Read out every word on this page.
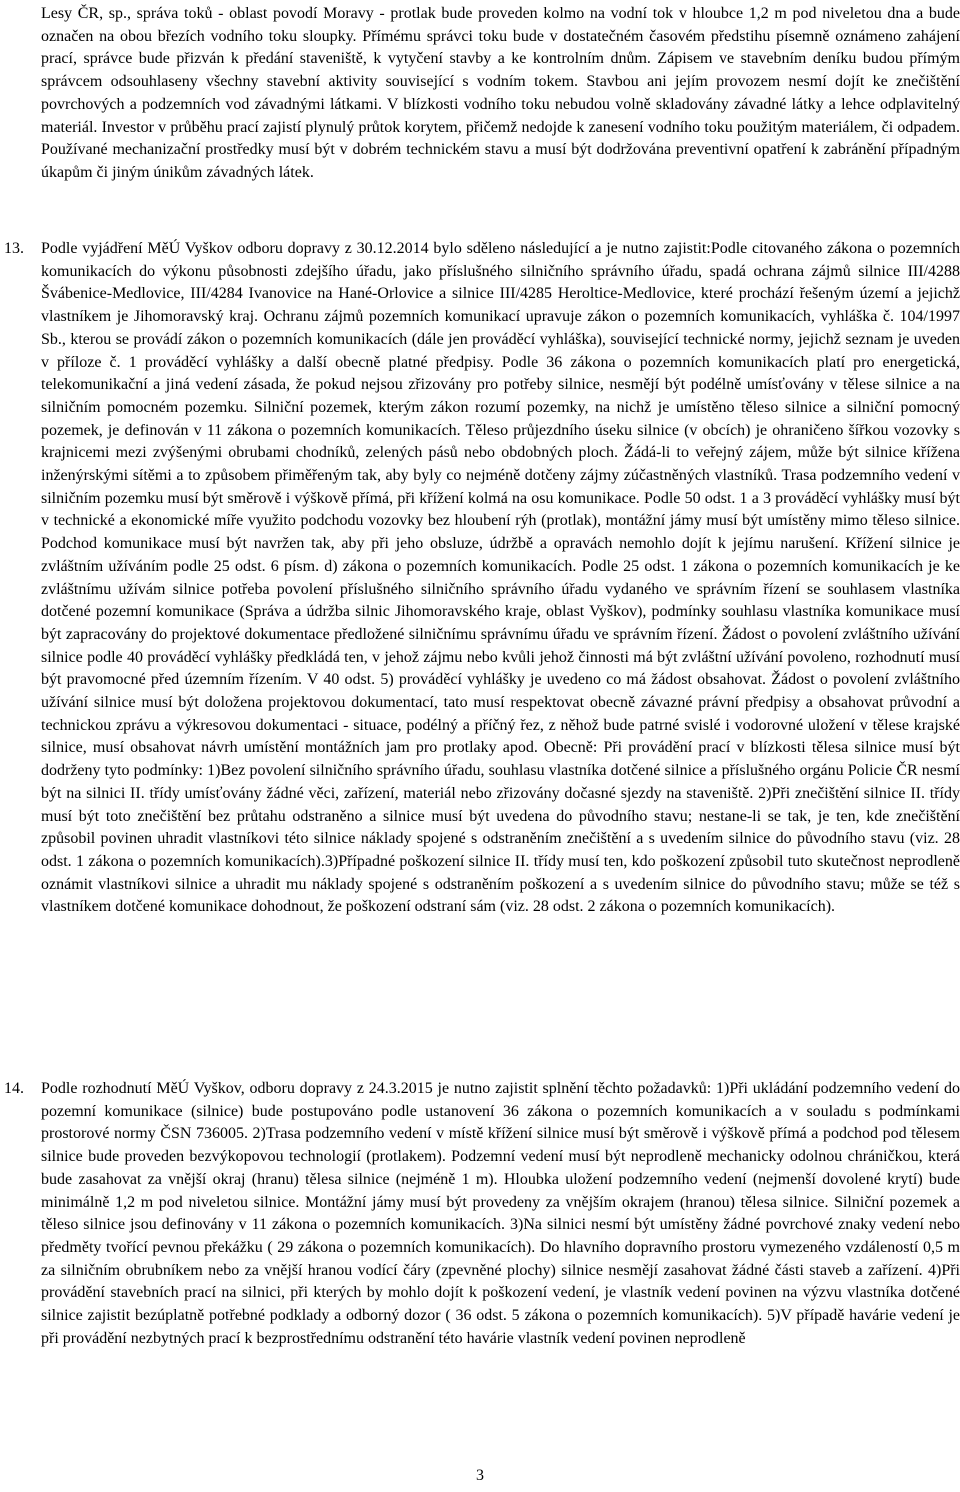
Lesy ČR, sp., správa toků - oblast povodí Moravy - protlak bude proveden kolmo na vodní tok v hloubce 1,2 m pod niveletou dna a bude označen na obou březích vodního toku sloupky. Přímému správci toku bude v dostatečném časovém předstihu písemně oznámeno zahájení prací, správce bude přizván k předání staveniště, k vytyčení stavby a ke kontrolním dnům. Zápisem ve stavebním deníku budou přímým správcem odsouhlaseny všechny stavební aktivity související s vodním tokem. Stavbou ani jejím provozem nesmí dojít ke znečištění povrchových a podzemních vod závadnými látkami. V blízkosti vodního toku nebudou volně skladovány závadné látky a lehce odplavitelný materiál. Investor v průběhu prací zajistí plynulý průtok korytem, přičemž nedojde k zanesení vodního toku použitým materiálem, či odpadem. Používané mechanizační prostředky musí být v dobrém technickém stavu a musí být dodržována preventivní opatření k zabránění případným úkapům či jiným únikům závadných látek.

13.	Podle vyjádření MěÚ Vyškov odboru dopravy z 30.12.2014 bylo sděleno následující a je nutno zajistit:Podle citovaného zákona o pozemních komunikacích do výkonu působnosti zdejšího úřadu, jako příslušného silničního správního úřadu, spadá ochrana zájmů silnice III/4288 Švábenice-Medlovice, III/4284 Ivanovice na Hané-Orlovice a silnice III/4285 Heroltice-Medlovice, které prochází řešeným území a jejichž vlastníkem je Jihomoravský kraj. Ochranu zájmů pozemních komunikací upravuje zákon o pozemních komunikacích, vyhláška č. 104/1997 Sb., kterou se provádí zákon o pozemních komunikacích (dále jen prováděcí vyhláška), související technické normy, jejichž seznam je uveden v příloze č. 1 prováděcí vyhlášky a další obecně platné předpisy. Podle 36 zákona o pozemních komunikacích platí pro energetická, telekomunikační a jiná vedení zásada, že pokud nejsou zřizovány pro potřeby silnice, nesmějí být podélně umísťovány v tělese silnice a na silničním pomocném pozemku. Silniční pozemek, kterým zákon rozumí pozemky, na nichž je umístěno těleso silnice a silniční pomocný pozemek, je definován v 11 zákona o pozemních komunikacích. Těleso průjezdního úseku silnice (v obcích) je ohraničeno šířkou vozovky s krajnicemi mezi zvýšenými obrubami chodníků, zelených pásů nebo obdobných ploch. Žádá-li to veřejný zájem, může být silnice křížena inženýrskými sítěmi a to způsobem přiměřeným tak, aby byly co nejméně dotčeny zájmy zúčastněných vlastníků. Trasa podzemního vedení v silničním pozemku musí být směrově i výškově přímá, při křížení kolmá na osu komunikace. Podle 50 odst. 1 a 3 prováděcí vyhlášky musí být v technické a ekonomické míře využito podchodu vozovky bez hloubení rýh (protlak), montážní jámy musí být umístěny mimo těleso silnice. Podchod komunikace musí být navržen tak, aby při jeho obsluze, údržbě a opravách nemohlo dojít k jejímu narušení. Křížení silnice je zvláštním užíváním podle 25 odst. 6 písm. d) zákona o pozemních komunikacích. Podle 25 odst. 1 zákona o pozemních komunikacích je ke zvláštnímu užívám silnice potřeba povolení příslušného silničního správního úřadu vydaného ve správním řízení se souhlasem vlastníka dotčené pozemní komunikace (Správa a údržba silnic Jihomoravského kraje, oblast Vyškov), podmínky souhlasu vlastníka komunikace musí být zapracovány do projektové dokumentace předložené silničnímu správnímu úřadu ve správním řízení. Žádost o povolení zvláštního užívání silnice podle 40 prováděcí vyhlášky předkládá ten, v jehož zájmu nebo kvůli jehož činnosti má být zvláštní užívání povoleno, rozhodnutí musí být pravomocné před územním řízením. V 40 odst. 5) prováděcí vyhlášky je uvedeno co má žádost obsahovat. Žádost o povolení zvláštního užívání silnice musí být doložena projektovou dokumentací, tato musí respektovat obecně závazné právní předpisy a obsahovat průvodní a technickou zprávu a výkresovou dokumentaci - situace, podélný a příčný řez, z něhož bude patrné svislé i vodorovné uložení v tělese krajské silnice, musí obsahovat návrh umístění montážních jam pro protlaky apod. Obecně: Při provádění prací v blízkosti tělesa silnice musí být dodrženy tyto podmínky: 1)Bez povolení silničního správního úřadu, souhlasu vlastníka dotčené silnice a příslušného orgánu Policie ČR nesmí být na silnici II. třídy umísťovány žádné věci, zařízení, materiál nebo zřizovány dočasné sjezdy na staveniště. 2)Při znečištění silnice II. třídy musí být toto znečištění bez průtahu odstraněno a silnice musí být uvedena do původního stavu; nestane-li se tak, je ten, kde znečištění způsobil povinen uhradit vlastníkovi této silnice náklady spojené s odstraněním znečištění a s uvedením silnice do původního stavu (viz. 28 odst. 1 zákona o pozemních komunikacích).3)Případné poškození silnice II. třídy musí ten, kdo poškození způsobil tuto skutečnost neprodleně oznámit vlastníkovi silnice a uhradit mu náklady spojené s odstraněním poškození a s uvedením silnice do původního stavu; může se též s vlastníkem dotčené komunikace dohodnout, že poškození odstraní sám (viz. 28 odst. 2 zákona o pozemních komunikacích).

14.	Podle rozhodnutí MěÚ Vyškov, odboru dopravy z 24.3.2015 je nutno zajistit splnění těchto požadavků: 1)Při ukládání podzemního vedení do pozemní komunikace (silnice) bude postupováno podle ustanovení 36 zákona o pozemních komunikacích a v souladu s podmínkami prostorové normy ČSN 736005. 2)Trasa podzemního vedení v místě křížení silnice musí být směrově i výškově přímá a podchod pod tělesem silnice bude proveden bezvýkopovou technologií (protlakem). Podzemní vedení musí být neprodleně mechanicky odolnou chráničkou, která bude zasahovat za vnější okraj (hranu) tělesa silnice (nejméně 1 m). Hloubka uložení podzemního vedení (nejmenší dovolené krytí) bude minimálně 1,2 m pod niveletou silnice. Montážní jámy musí být provedeny za vnějším okrajem (hranou) tělesa silnice. Silniční pozemek a těleso silnice jsou definovány v 11 zákona o pozemních komunikacích. 3)Na silnici nesmí být umístěny žádné povrchové znaky vedení nebo předměty tvořící pevnou překážku ( 29 zákona o pozemních komunikacích). Do hlavního dopravního prostoru vymezeného vzdáleností 0,5 m za silničním obrubníkem nebo za vnější hranou vodící čáry (zpevněné plochy) silnice nesmějí zasahovat žádné části staveb a zařízení. 4)Při provádění stavebních prací na silnici, při kterých by mohlo dojít k poškození vedení, je vlastník vedení povinen na výzvu vlastníka dotčené silnice zajistit bezúplatně potřebné podklady a odborný dozor ( 36 odst. 5 zákona o pozemních komunikacích). 5)V případě havárie vedení je při provádění nezbytných prací k bezprostřednímu odstranění této havárie vlastník vedení povinen neprodleně

3
